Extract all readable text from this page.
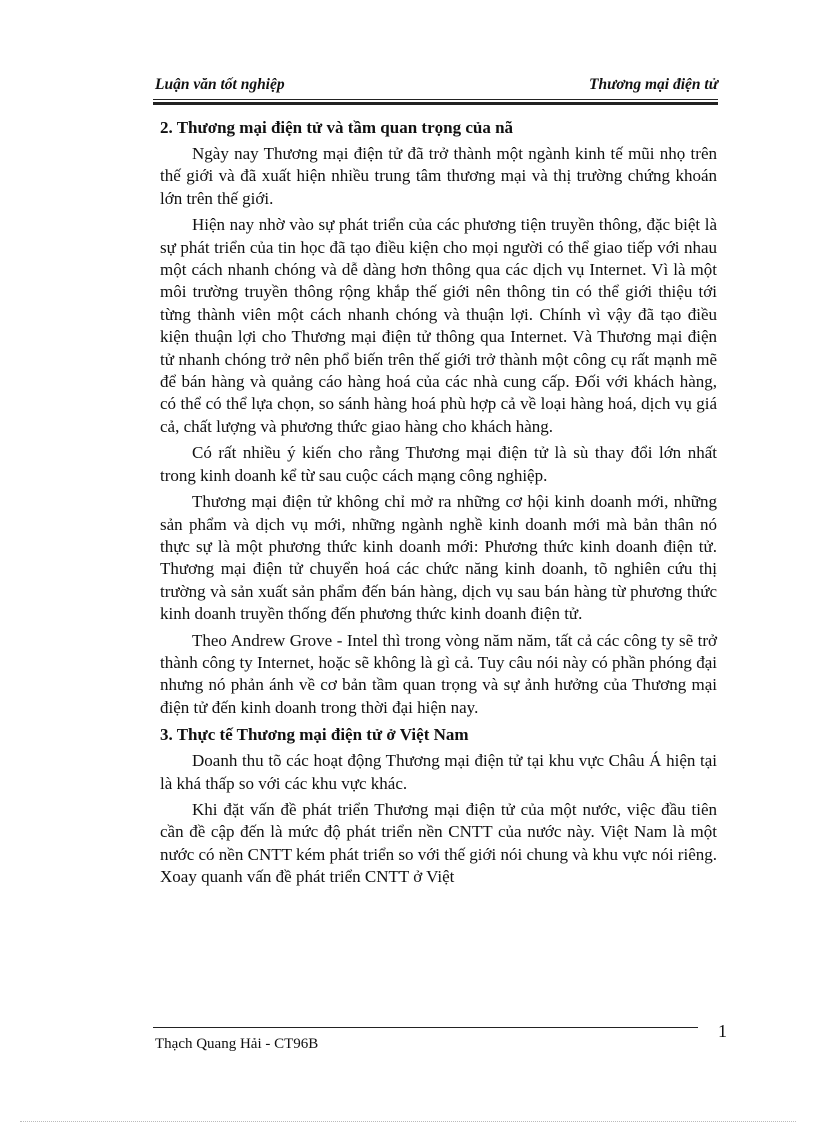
Luận văn tốt nghiệp	Thương mại điện tử
2. Thương mại điện tử và tầm quan trọng của nã

Ngày nay Thương mại điện tử đã trở thành một ngành kinh tế mũi nhọ trên thế giới và đã xuất hiện nhiều trung tâm thương mại và thị trường chứng khoán lớn trên thế giới.

Hiện nay nhờ vào sự phát triển của các phương tiện truyền thông, đặc biệt là sự phát triển của tin học đã tạo điều kiện cho mọi người có thể giao tiếp với nhau một cách nhanh chóng và dễ dàng hơn thông qua các dịch vụ Internet. Vì là một môi trường truyền thông rộng khắp thế giới nên thông tin có thể giới thiệu tới từng thành viên một cách nhanh chóng và thuận lợi. Chính vì vậy đã tạo điều kiện thuận lợi cho Thương mại điện tử thông qua Internet. Và Thương mại điện tử nhanh chóng trở nên phổ biến trên thế giới trở thành một công cụ rất mạnh mẽ để bán hàng và quảng cáo hàng hoá của các nhà cung cấp. Đối với khách hàng, có thể có thể lựa chọn, so sánh hàng hoá phù hợp cả về loại hàng hoá, dịch vụ giá cả, chất lượng và phương thức giao hàng cho khách hàng.

Có rất nhiều ý kiến cho rằng Thương mại điện tử là sù thay đổi lớn nhất trong kinh doanh kể từ sau cuộc cách mạng công nghiệp.

Thương mại điện tử không chỉ mở ra những cơ hội kinh doanh mới, những sản phẩm và dịch vụ mới, những ngành nghề kinh doanh mới mà bản thân nó thực sự là một phương thức kinh doanh mới: Phương thức kinh doanh điện tử. Thương mại điện tử chuyển hoá các chức năng kinh doanh, tõ nghiên cứu thị trường và sản xuất sản phẩm đến bán hàng, dịch vụ sau bán hàng từ phương thức kinh doanh truyền thống đến phương thức kinh doanh điện tử.

Theo Andrew Grove - Intel thì trong vòng năm năm, tất cả các công ty sẽ trở thành công ty Internet, hoặc sẽ không là gì cả. Tuy câu nói này có phần phóng đại nhưng nó phản ánh về cơ bản tầm quan trọng và sự ảnh hưởng của Thương mại điện tử đến kinh doanh trong thời đại hiện nay.

3. Thực tế Thương mại điện tử ở Việt Nam

Doanh thu tõ các hoạt động Thương mại điện tử tại khu vực Châu Á hiện tại là khá thấp so với các khu vực khác.

Khi đặt vấn đề phát triển Thương mại điện tử của một nước, việc đầu tiên cần đề cập đến là mức độ phát triển nền CNTT của nước này. Việt Nam là một nước có nền CNTT kém phát triển so với thế giới nói chung và khu vực nói riêng. Xoay quanh vấn đề phát triển CNTT ở Việt

1
Thạch Quang Hải - CT96B
